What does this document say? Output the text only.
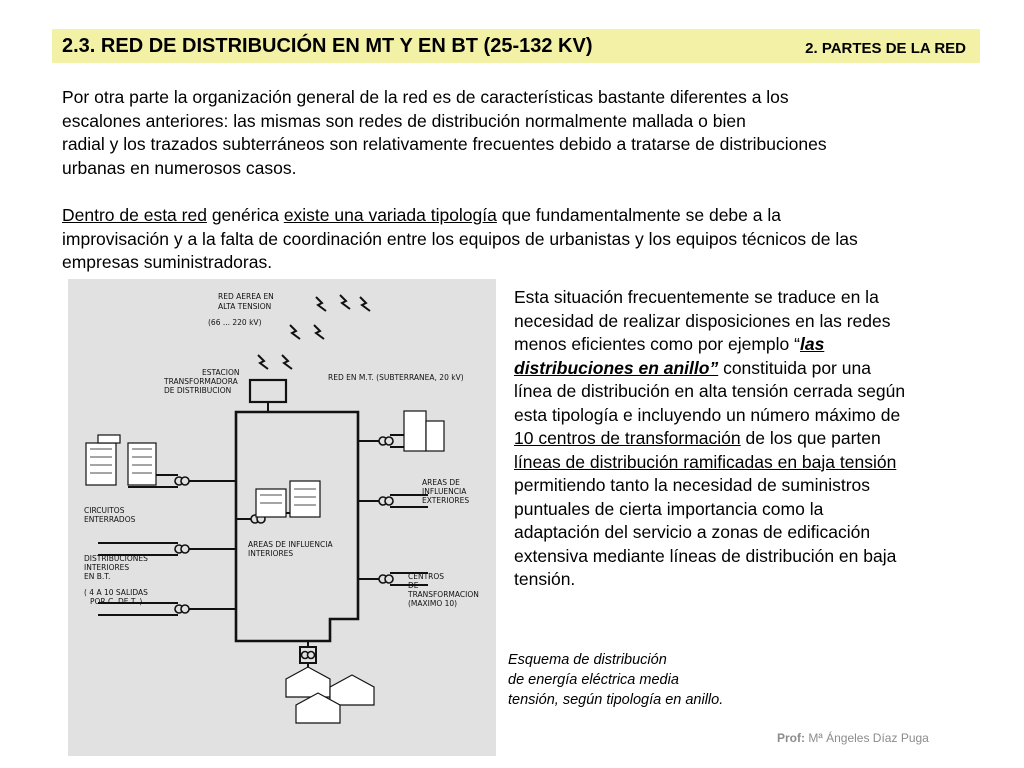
2.3. RED DE DISTRIBUCIÓN EN MT Y EN BT (25-132 KV)	2. PARTES DE LA RED
Por otra parte la organización general de la red es de características bastante diferentes a los
escalones anteriores: las mismas son redes de distribución normalmente mallada o bien
radial y los trazados subterráneos son relativamente frecuentes debido a tratarse de distribuciones
urbanas en numerosos casos.
Dentro de esta red genérica existe una variada tipología que fundamentalmente se debe a la
improvisación y a la falta de coordinación entre los equipos de urbanistas y los equipos técnicos de las
empresas suministradoras.
RED AEREA EN
ALTA TENSION
(66 ... 220 kV)
ESTACION
TRANSFORMADORA
DE DISTRIBUCION
RED EN M.T. (SUBTERRANEA, 20 kV)
CIRCUITOS
ENTERRADOS
AREAS DE
INFLUENCIA
EXTERIORES
AREAS DE INFLUENCIA
INTERIORES
DISTRIBUCIONES
INTERIORES
EN B.T.
( 4 A 10 SALIDAS
POR C. DE T. )
CENTROS
DE
TRANSFORMACION
(MAXIMO 10)
Esta situación frecuentemente se traduce en la
necesidad de realizar disposiciones en las redes
menos eficientes como por ejemplo “las
distribuciones en anillo” constituida por una
línea de distribución en alta tensión cerrada según
esta tipología e incluyendo un número máximo de
10 centros de transformación de los que parten
líneas de distribución ramificadas en baja tensión
permitiendo tanto la necesidad de suministros
puntuales de cierta importancia como la
adaptación del servicio a zonas de edificación
extensiva mediante líneas de distribución en baja
tensión.
Esquema de distribución
de energía eléctrica media
tensión, según tipología en anillo.
Prof: Mª Ángeles Díaz Puga
